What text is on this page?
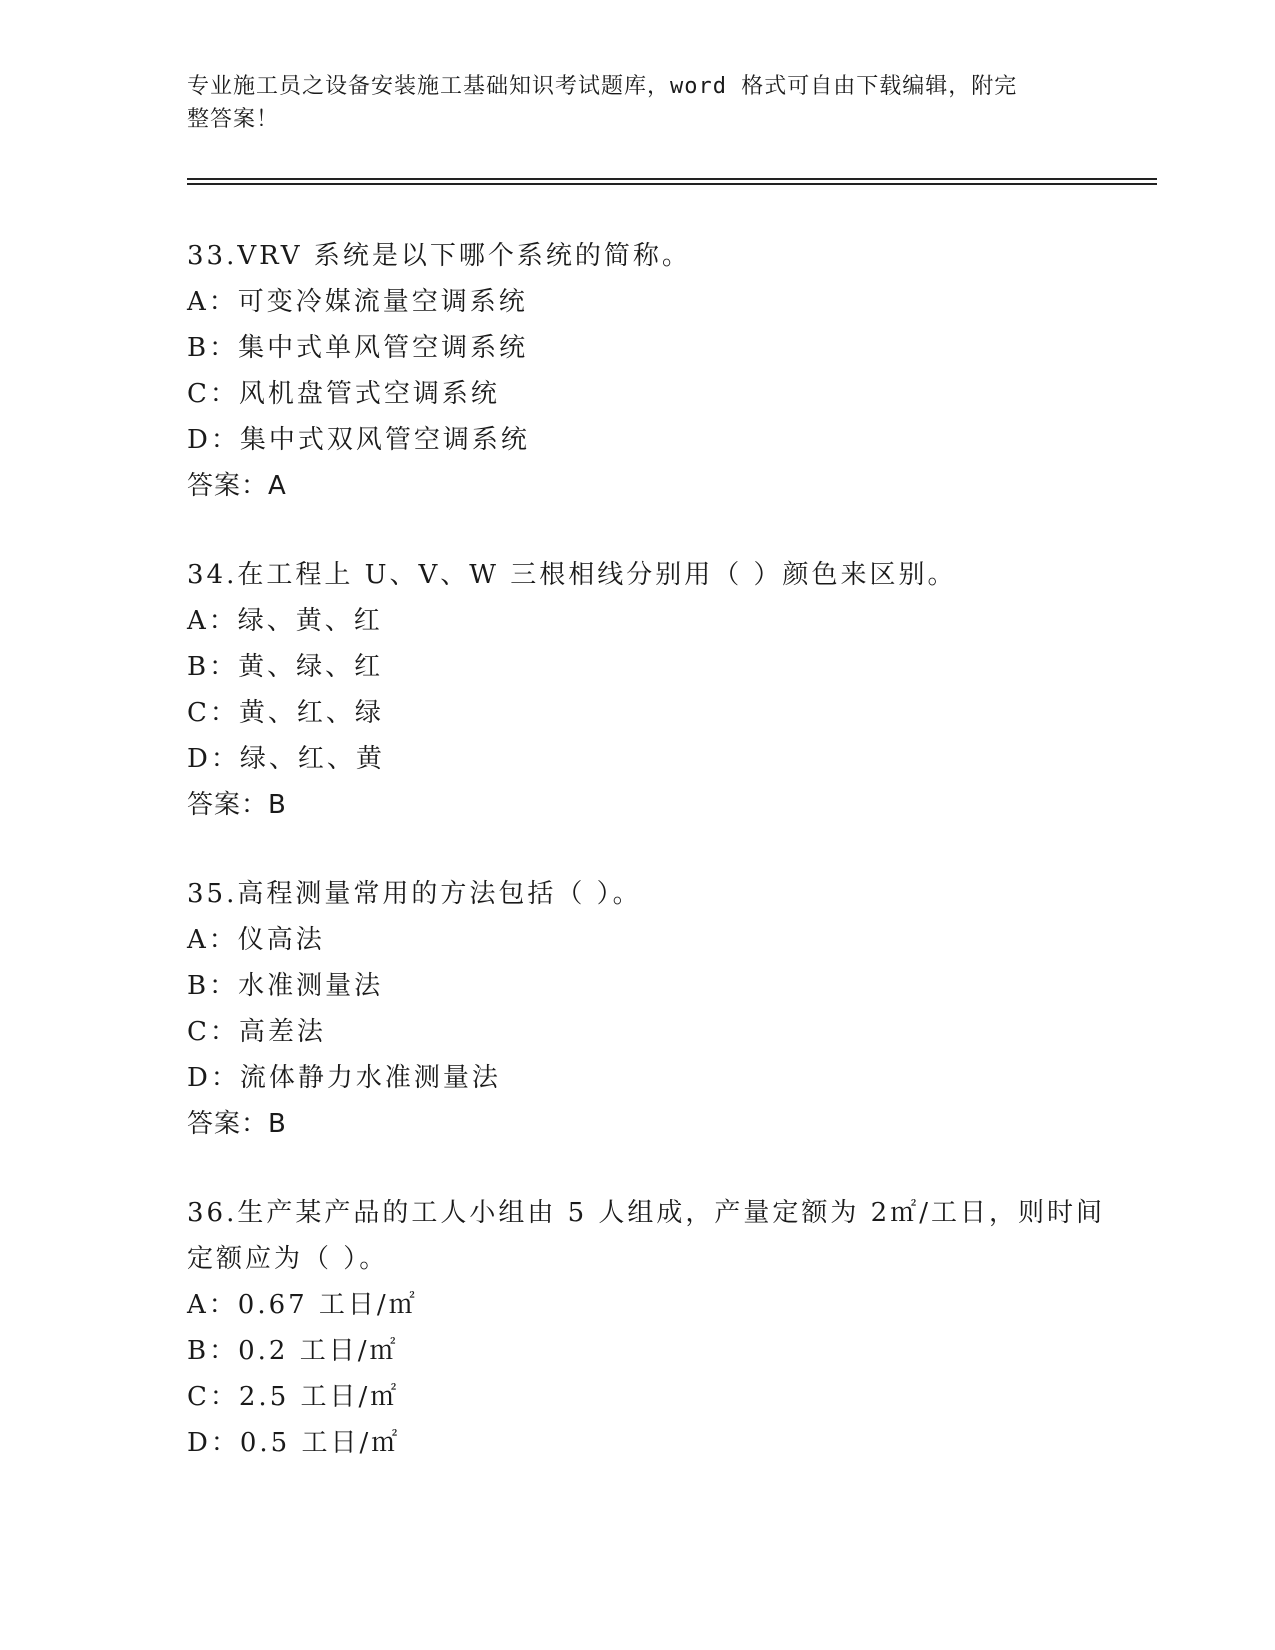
专业施工员之设备安装施工基础知识考试题库，word 格式可自由下载编辑，附完
整答案！
33.VRV 系统是以下哪个系统的简称。
A：可变冷媒流量空调系统
B：集中式单风管空调系统
C：风机盘管式空调系统
D：集中式双风管空调系统
答案：A
34.在工程上 U、V、W 三根相线分别用（ ）颜色来区别。
A：绿、黄、红
B：黄、绿、红
C：黄、红、绿
D：绿、红、黄
答案：B
35.高程测量常用的方法包括（ ）。
A：仪高法
B：水准测量法
C：高差法
D：流体静力水准测量法
答案：B
36.生产某产品的工人小组由 5 人组成，产量定额为 2㎡/工日，则时间
定额应为（ ）。
A：0.67 工日/㎡
B：0.2 工日/㎡
C：2.5 工日/㎡
D：0.5 工日/㎡
